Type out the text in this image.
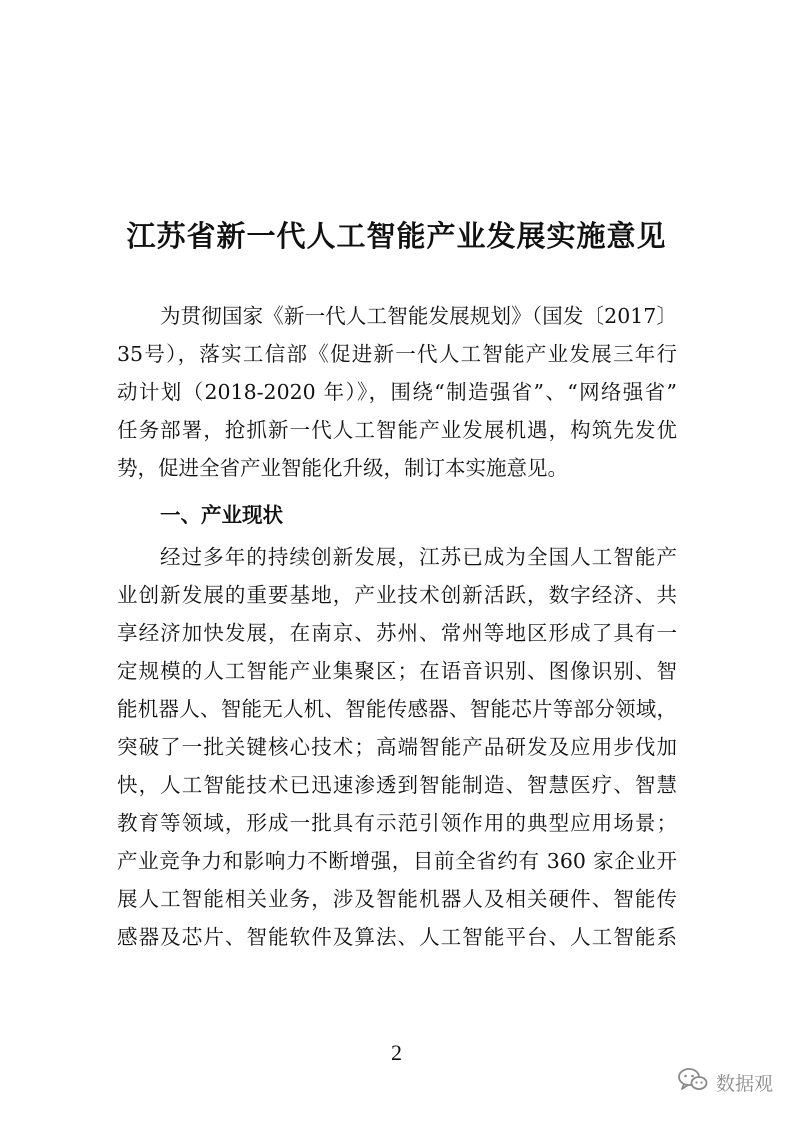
江苏省新一代人工智能产业发展实施意见
为贯彻国家《新一代人工智能发展规划》（国发〔2017〕
35号），落实工信部《促进新一代人工智能产业发展三年行
动计划（2018-2020 年）》，围绕“制造强省”、“网络强省”
任务部署，抢抓新一代人工智能产业发展机遇，构筑先发优
势，促进全省产业智能化升级，制订本实施意见。
一、产业现状
经过多年的持续创新发展，江苏已成为全国人工智能产
业创新发展的重要基地，产业技术创新活跃，数字经济、共
享经济加快发展，在南京、苏州、常州等地区形成了具有一
定规模的人工智能产业集聚区；在语音识别、图像识别、智
能机器人、智能无人机、智能传感器、智能芯片等部分领域，
突破了一批关键核心技术；高端智能产品研发及应用步伐加
快，人工智能技术已迅速渗透到智能制造、智慧医疗、智慧
教育等领域，形成一批具有示范引领作用的典型应用场景；
产业竞争力和影响力不断增强，目前全省约有 360 家企业开
展人工智能相关业务，涉及智能机器人及相关硬件、智能传
感器及芯片、智能软件及算法、人工智能平台、人工智能系
2
数据观
